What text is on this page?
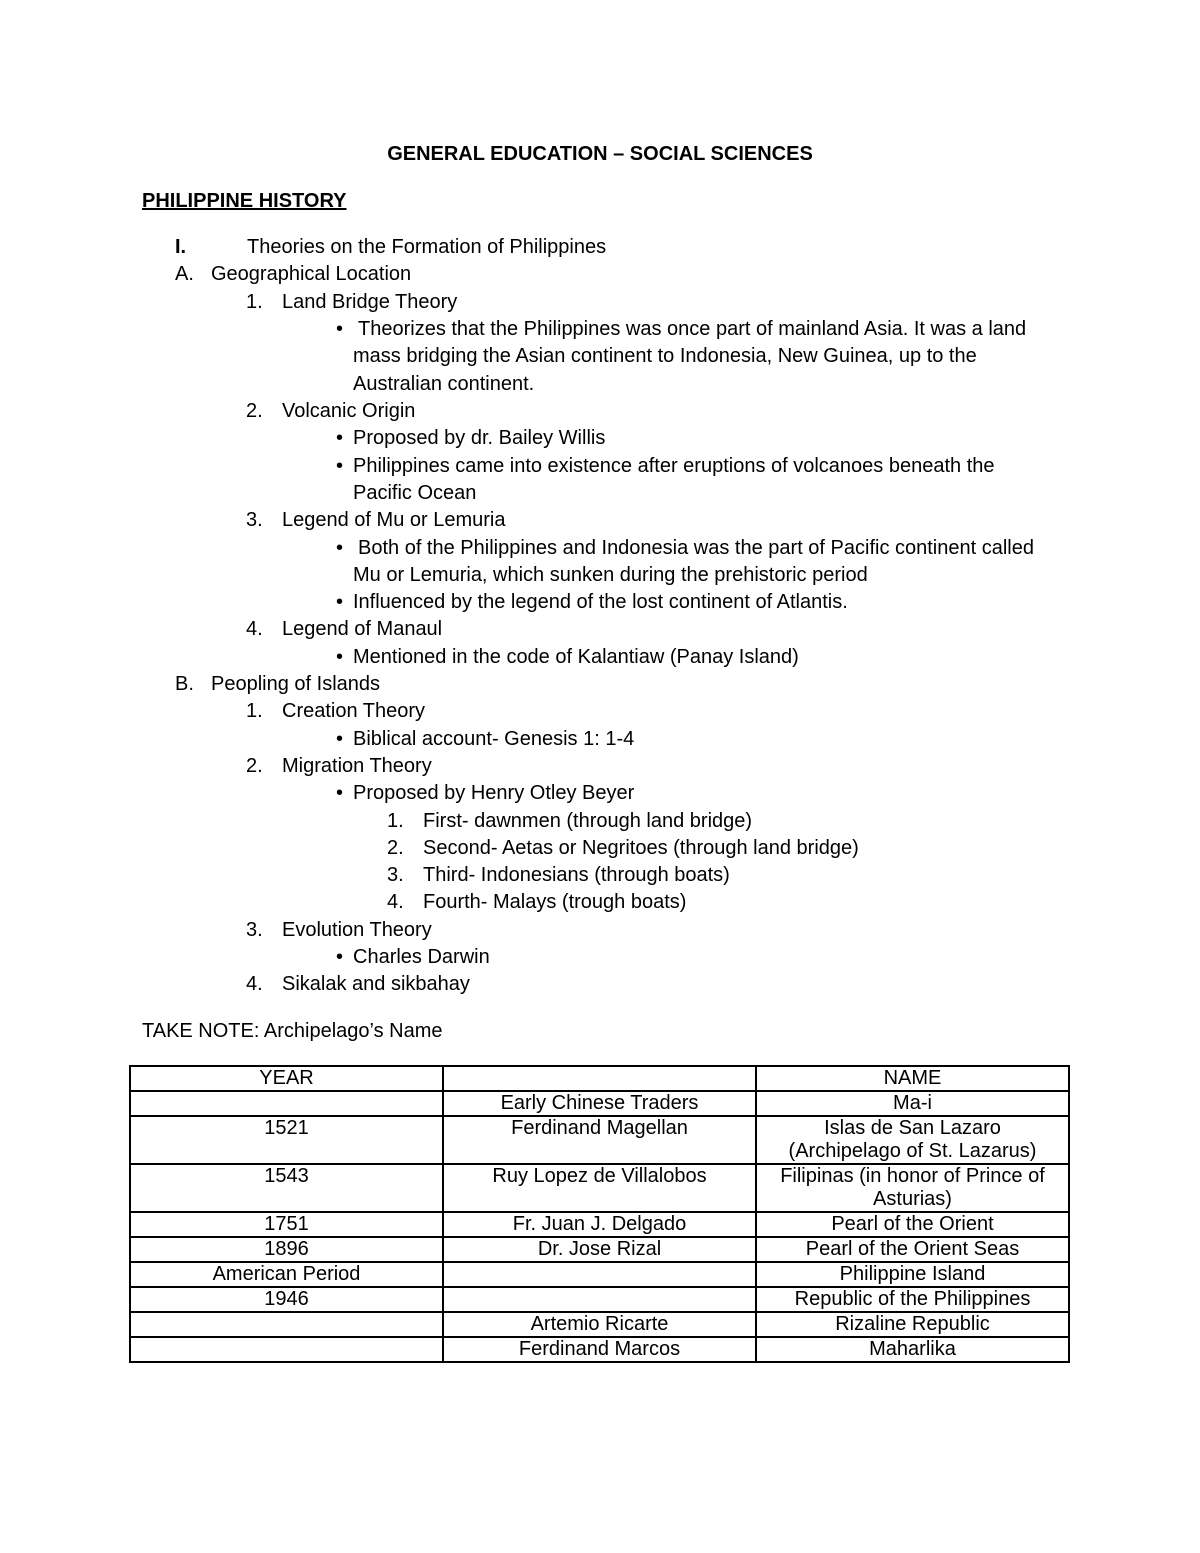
GENERAL EDUCATION – SOCIAL SCIENCES
PHILIPPINE HISTORY
I.	Theories on the Formation of Philippines
A. Geographical Location
1. Land Bridge Theory
• Theorizes that the Philippines was once part of mainland Asia. It was a land
mass bridging the Asian continent to Indonesia, New Guinea, up to the
Australian continent.
2. Volcanic Origin
• Proposed by dr. Bailey Willis
• Philippines came into existence after eruptions of volcanoes beneath the
Pacific Ocean
3. Legend of Mu or Lemuria
• Both of the Philippines and Indonesia was the part of Pacific continent called
Mu or Lemuria, which sunken during the prehistoric period
• Influenced by the legend of the lost continent of Atlantis.
4. Legend of Manaul
• Mentioned in the code of Kalantiaw (Panay Island)
B. Peopling of Islands
1. Creation Theory
• Biblical account- Genesis 1: 1-4
2. Migration Theory
• Proposed by Henry Otley Beyer
1. First- dawnmen (through land bridge)
2. Second- Aetas or Negritoes (through land bridge)
3. Third- Indonesians (through boats)
4. Fourth- Malays (trough boats)
3. Evolution Theory
• Charles Darwin
4. Sikalak and sikbahay
TAKE NOTE: Archipelago’s Name
YEAR		NAME
	Early Chinese Traders	Ma-i
1521	Ferdinand Magellan	Islas de San Lazaro
(Archipelago of St. Lazarus)
1543	Ruy Lopez de Villalobos	Filipinas (in honor of Prince of
Asturias)
1751	Fr. Juan J. Delgado	Pearl of the Orient
1896	Dr. Jose Rizal	Pearl of the Orient Seas
American Period		Philippine Island
1946		Republic of the Philippines
	Artemio Ricarte	Rizaline Republic
	Ferdinand Marcos	Maharlika
